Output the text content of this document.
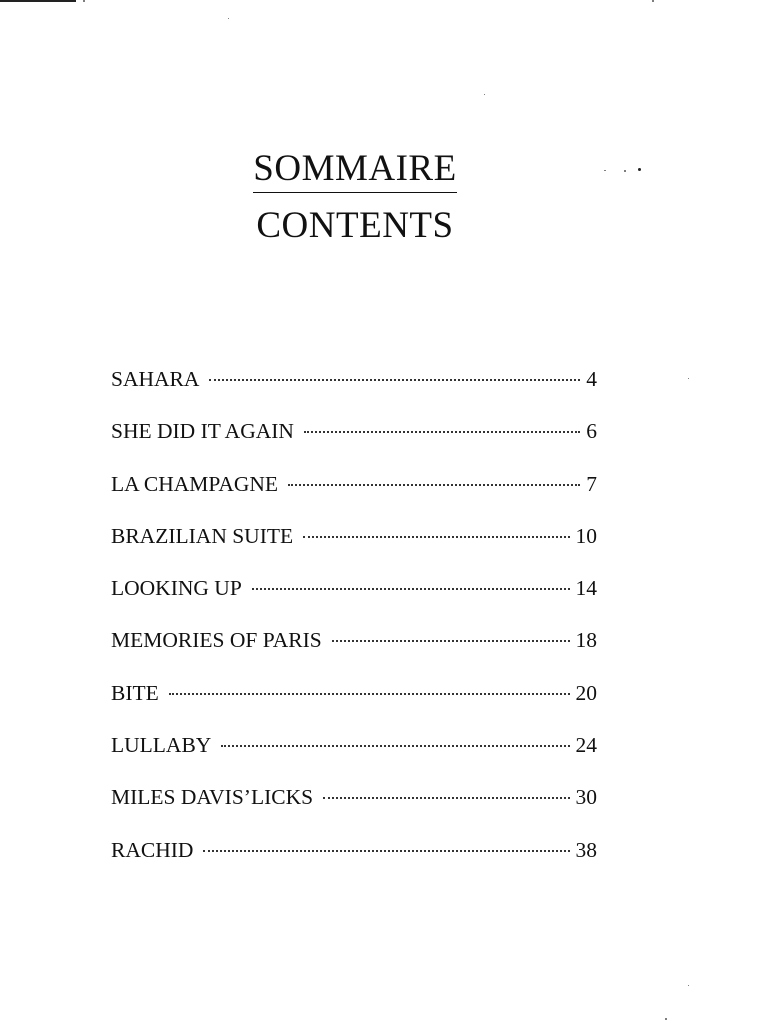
SOMMAIRE
CONTENTS
SAHARA	4
SHE DID IT AGAIN	6
LA CHAMPAGNE	7
BRAZILIAN SUITE	10
LOOKING UP	14
MEMORIES OF PARIS	18
BITE	20
LULLABY	24
MILES DAVIS’LICKS	30
RACHID	38
